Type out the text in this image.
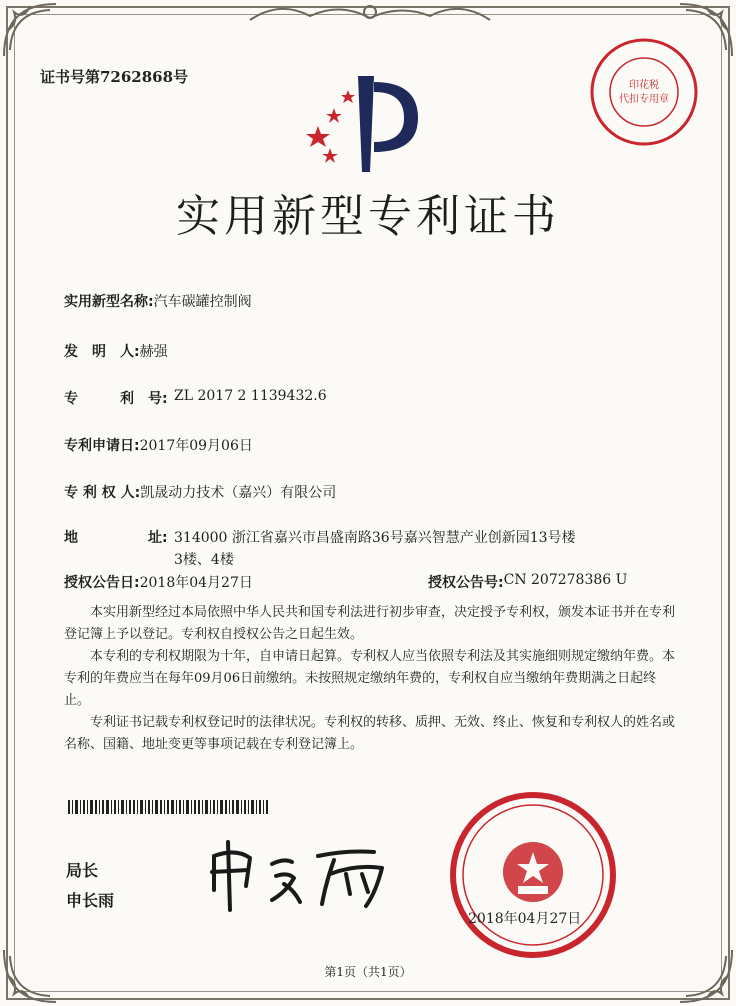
证书号第7262868号	印花税
代扣专用章
实用新型专利证书
实用新型名称: 汽车碳罐控制阀
发　明　人: 赫强
专　　　利　号: ZL 2017 2 1139432.6
专利申请日: 2017年09月06日
专 利 权 人: 凯晟动力技术（嘉兴）有限公司
地　　　　　址: 314000 浙江省嘉兴市昌盛南路36号嘉兴智慧产业创新园13号楼3楼、4楼
授权公告日: 2018年04月27日	授权公告号: CN 207278386 U

本实用新型经过本局依照中华人民共和国专利法进行初步审查，决定授予专利权，颁发本证书并在专利登记簿上予以登记。专利权自授权公告之日起生效。

本专利的专利权期限为十年，自申请日起算。专利权人应当依照专利法及其实施细则规定缴纳年费。本专利的年费应当在每年09月06日前缴纳。未按照规定缴纳年费的，专利权自应当缴纳年费期满之日起终止。

专利证书记载专利权登记时的法律状况。专利权的转移、质押、无效、终止、恢复和专利权人的姓名或名称、国籍、地址变更等事项记载在专利登记簿上。

局长
申长雨
2018年04月27日
第1页（共1页）
